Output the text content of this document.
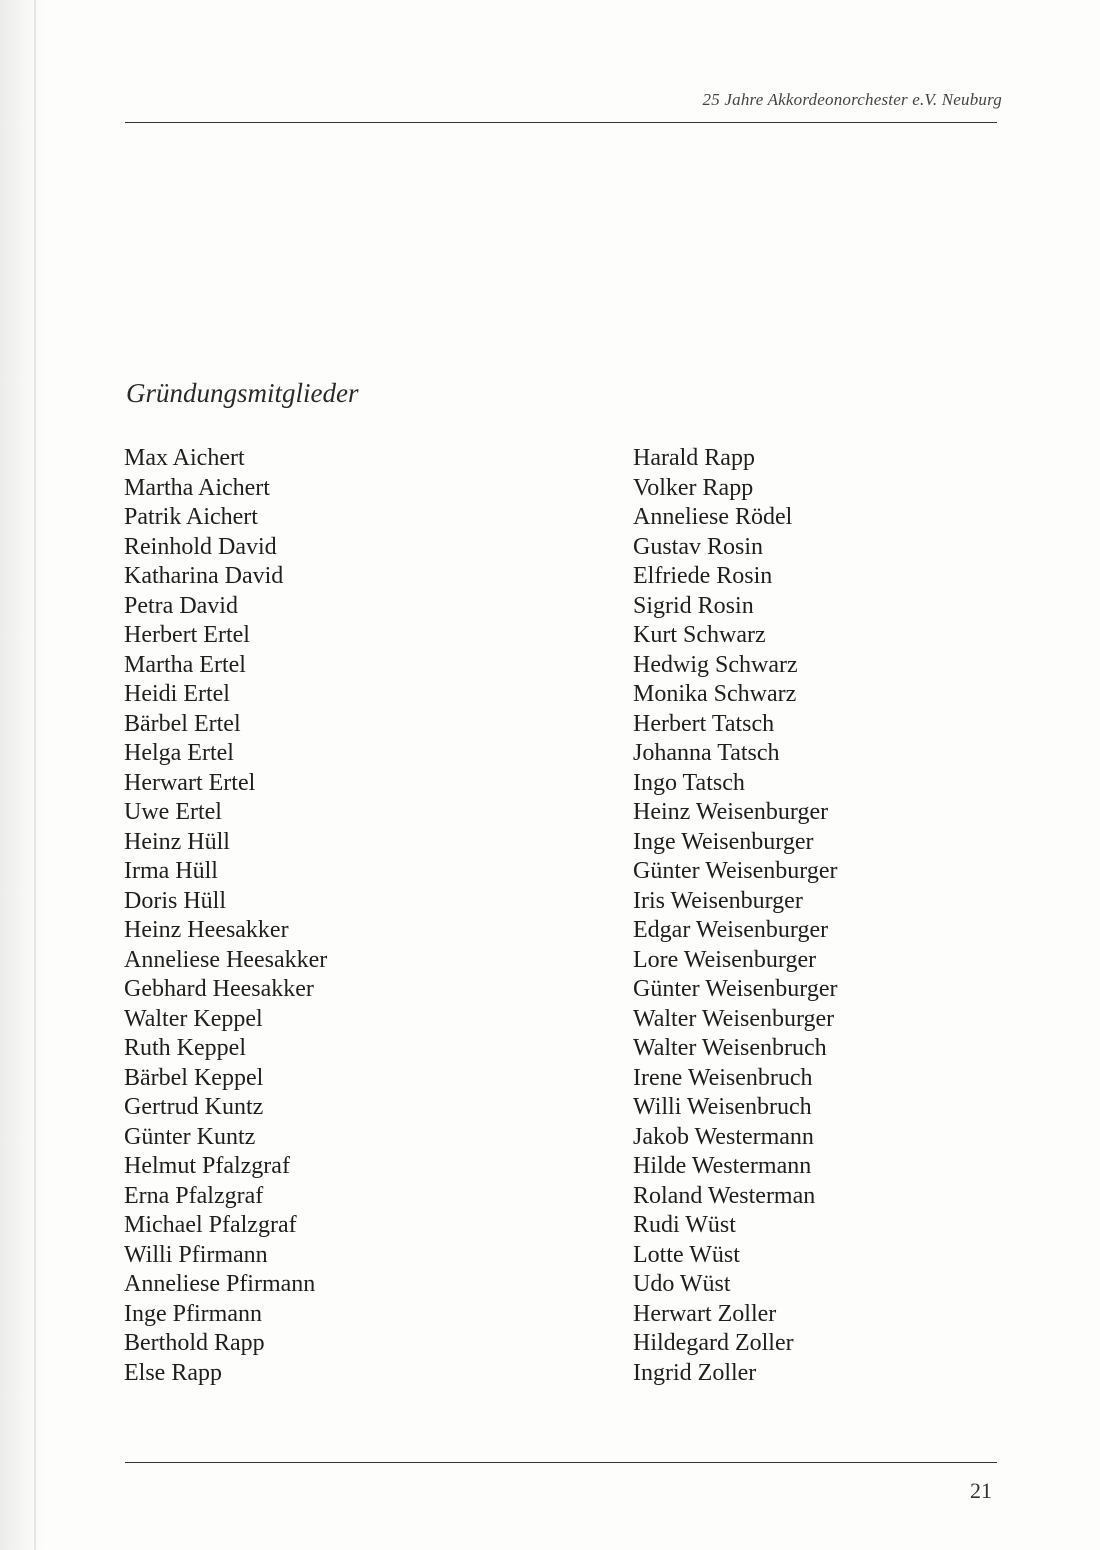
25 Jahre Akkordeonorchester e.V. Neuburg
Gründungsmitglieder
Max Aichert
Martha Aichert
Patrik Aichert
Reinhold David
Katharina David
Petra David
Herbert Ertel
Martha Ertel
Heidi Ertel
Bärbel Ertel
Helga Ertel
Herwart Ertel
Uwe Ertel
Heinz Hüll
Irma Hüll
Doris Hüll
Heinz Heesakker
Anneliese Heesakker
Gebhard Heesakker
Walter Keppel
Ruth Keppel
Bärbel Keppel
Gertrud Kuntz
Günter Kuntz
Helmut Pfalzgraf
Erna Pfalzgraf
Michael Pfalzgraf
Willi Pfirmann
Anneliese Pfirmann
Inge Pfirmann
Berthold Rapp
Else Rapp
Harald Rapp
Volker Rapp
Anneliese Rödel
Gustav Rosin
Elfriede Rosin
Sigrid Rosin
Kurt Schwarz
Hedwig Schwarz
Monika Schwarz
Herbert Tatsch
Johanna Tatsch
Ingo Tatsch
Heinz Weisenburger
Inge Weisenburger
Günter Weisenburger
Iris Weisenburger
Edgar Weisenburger
Lore Weisenburger
Günter Weisenburger
Walter Weisenburger
Walter Weisenbruch
Irene Weisenbruch
Willi Weisenbruch
Jakob Westermann
Hilde Westermann
Roland Westerman
Rudi Wüst
Lotte Wüst
Udo Wüst
Herwart Zoller
Hildegard Zoller
Ingrid Zoller
21
